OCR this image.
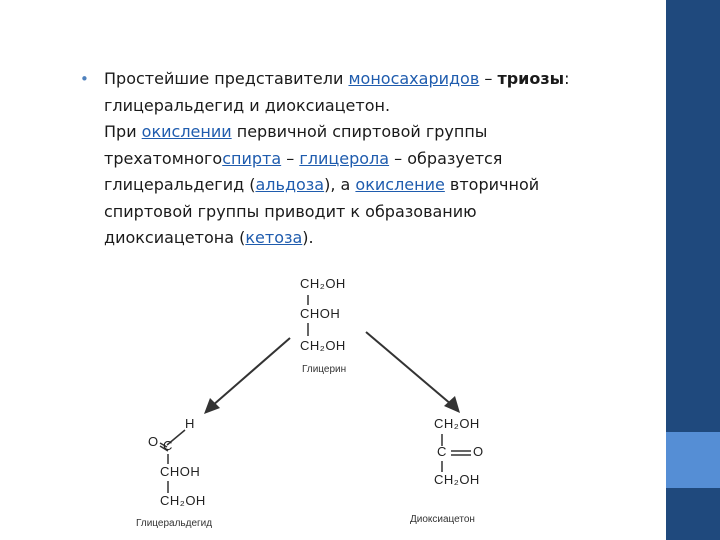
• Простейшие представители моносахаридов – триозы:
глицеральдегид и диоксиацетон.
При окислении первичной спиртовой группы
трехатомногоспирта – глицерола – образуется
глицеральдегид (альдоза), а окисление вторичной
спиртовой группы приводит к образованию
диоксиацетона (кетоза).
CH₂OH
CHOH
CH₂OH
Глицерин
H
O C
CHOH
CH₂OH
Глицеральдегид
CH₂OH
C O
CH₂OH
Диоксиацетон
